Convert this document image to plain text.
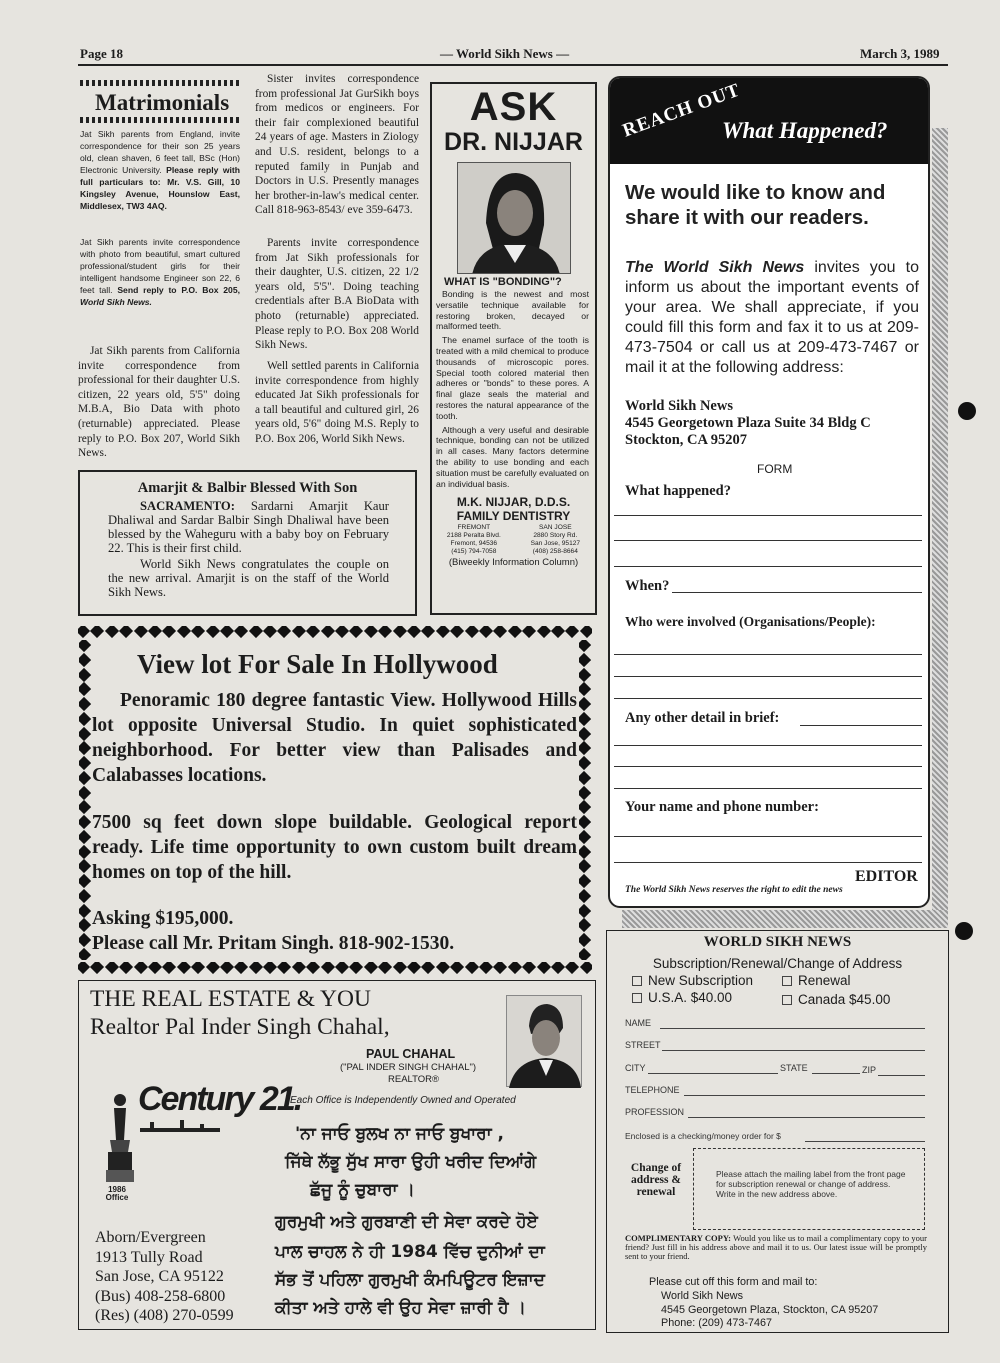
Page 18	— World Sikh News —	March 3, 1989
Matrimonials
Jat Sikh parents from England, invite correspondence for their son 25 years old, clean shaven, 6 feet tall, BSc (Hon) Electronic University. Please reply with full particulars to: Mr. V.S. Gill, 10 Kingsley Avenue, Hounslow East, Middlesex, TW3 4AQ.
Jat Sikh parents invite correspondence with photo from beautiful, smart cultured professional/student girls for their intelligent handsome Engineer son 22, 6 feet tall. Send reply to P.O. Box 205, World Sikh News.
Jat Sikh parents from California invite correspondence from professional for their daughter U.S. citizen, 22 years old, 5'5" doing M.B.A, Bio Data with photo (returnable) appreciated. Please reply to P.O. Box 207, World Sikh News.
Sister invites correspondence from professional Jat GurSikh boys from medicos or engineers. For their fair complexioned beautiful 24 years of age. Masters in Ziology and U.S. resident, belongs to a reputed family in Punjab and Doctors in U.S. Presently manages her brother-in-law's medical center. Call 818-963-8543/ eve 359-6473.
Parents invite correspondence from Jat Sikh professionals for their daughter, U.S. citizen, 22 1/2 years old, 5'5". Doing teaching credentials after B.A BioData with photo (returnable) appreciated. Please reply to P.O. Box 208 World Sikh News.
Well settled parents in California invite correspondence from highly educated Jat Sikh professionals for a tall beautiful and cultured girl, 26 years old, 5'6" doing M.S. Reply to P.O. Box 206, World Sikh News.
Amarjit & Balbir Blessed With Son
SACRAMENTO: Sardarni Amarjit Kaur Dhaliwal and Sardar Balbir Singh Dhaliwal have been blessed by the Waheguru with a baby boy on February 22. This is their first child.
World Sikh News congratulates the couple on the new arrival. Amarjit is on the staff of the World Sikh News.
ASK
DR. NIJJAR
WHAT IS "BONDING"?
Bonding is the newest and most versatile technique available for restoring broken, decayed or malformed teeth.
The enamel surface of the tooth is treated with a mild chemical to produce thousands of microscopic pores. Special tooth colored material then adheres or "bonds" to these pores. A final glaze seals the material and restores the natural appearance of the tooth.
Although a very useful and desirable technique, bonding can not be utilized in all cases. Many factors determine the ability to use bonding and each situation must be carefully evaluated on an individual basis.
M.K. NIJJAR, D.D.S.
FAMILY DENTISTRY
FREMONT
2188 Peralta Blvd.
Fremont, 94536
(415) 794-7058
SAN JOSE
2880 Story Rd.
San Jose, 95127
(408) 258-8664
(Biweekly Information Column)
REACH OUT
What Happened?
We would like to know and share it with our readers.
The World Sikh News invites you to inform us about the important events of your area. We shall appreciate, if you could fill this form and fax it to us at 209-473-7504 or call us at 209-473-7467 or mail it at the following address:
World Sikh News
4545 Georgetown Plaza Suite 34 Bldg C
Stockton, CA 95207
FORM
What happened?
When?
Who were involved (Organisations/People):
Any other detail in brief:
Your name and phone number:
EDITOR
The World Sikh News reserves the right to edit the news
View lot For Sale In Hollywood
Penoramic 180 degree fantastic View. Hollywood Hills lot opposite Universal Studio. In quiet sophisticated neighborhood. For better view than Palisades and Calabasses locations.
7500 sq feet down slope buildable. Geological report ready. Life time opportunity to own custom built dream homes on top of the hill.
Asking $195,000.
Please call Mr. Pritam Singh. 818-902-1530.
THE REAL ESTATE & YOU
Realtor Pal Inder Singh Chahal,
PAUL CHAHAL
("PAL INDER SINGH CHAHAL")
REALTOR®
Each Office is Independently Owned and Operated
1986 Office
Century 21.
Aborn/Evergreen
1913 Tully Road
San Jose, CA 95122
(Bus) 408-258-6800
(Res) (408) 270-0599
'ਨਾ ਜਾਓ ਬੁਲਖ ਨਾ ਜਾਓ ਬੁਖਾਰਾ ,
ਜਿੱਥੇ ਲੱਭੂ ਸੁੱਖ ਸਾਰਾ ਉਹੀ ਖਰੀਦ ਦਿਆਂਗੇ
ਛੱਜੂ ਨੂੰ ਚੁਬਾਰਾ ।
ਗੁਰਮੁਖੀ ਅਤੇ ਗੁਰਬਾਣੀ ਦੀ ਸੇਵਾ ਕਰਦੇ ਹੋਏ
ਪਾਲ ਚਾਹਲ ਨੇ ਹੀ 1984 ਵਿੱਚ ਦੁਨੀਆਂ ਦਾ
ਸੱਭ ਤੋਂ ਪਹਿਲਾ ਗੁਰਮੁਖੀ ਕੰਮਪਿਊਟਰ ਇਜ਼ਾਦ
ਕੀਤਾ ਅਤੇ ਹਾਲੇ ਵੀ ਉਹ ਸੇਵਾ ਜ਼ਾਰੀ ਹੈ ।
WORLD SIKH NEWS
Subscription/Renewal/Change of Address
New Subscription	Renewal
U.S.A. $40.00	Canada $45.00
NAME
STREET
CITY	STATE	ZIP
TELEPHONE
PROFESSION
Enclosed is a checking/money order for $
Change of address & renewal
Please attach the mailing label from the front page for subscription renewal or change of address. Write in the new address above.
COMPLIMENTARY COPY: Would you like us to mail a complimentary copy to your friend? Just fill in his address above and mail it to us. Our latest issue will be promptly sent to your friend.
Please cut off this form and mail to:
World Sikh News
4545 Georgetown Plaza, Stockton, CA 95207
Phone: (209) 473-7467
